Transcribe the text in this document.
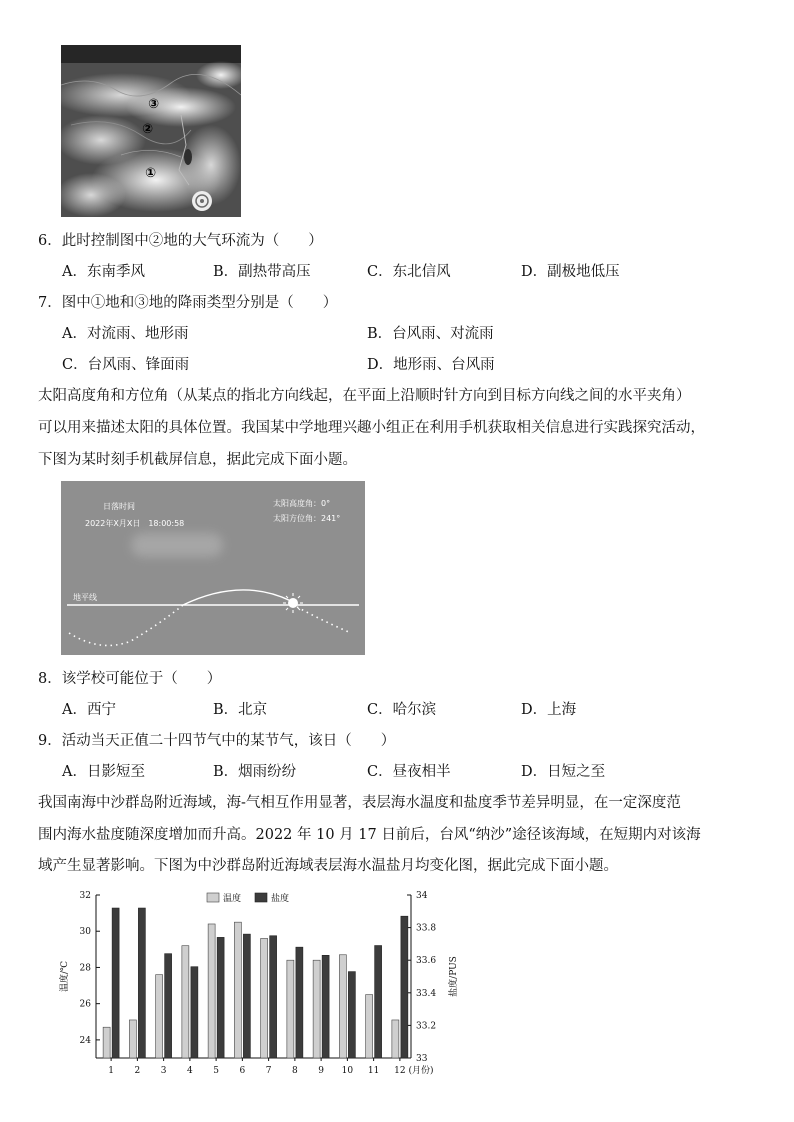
③
②
①
6．此时控制图中②地的大气环流为（　　）
A．东南季风	B．副热带高压	C．东北信风	D．副极地低压
7．图中①地和③地的降雨类型分别是（　　）
A．对流雨、地形雨	B．台风雨、对流雨
C．台风雨、锋面雨	D．地形雨、台风雨
太阳高度角和方位角（从某点的指北方向线起，在平面上沿顺时针方向到目标方向线之间的水平夹角）
可以用来描述太阳的具体位置。我国某中学地理兴趣小组正在利用手机获取相关信息进行实践探究活动，
下图为某时刻手机截屏信息，据此完成下面小题。
日落时间
2022年X月X日　18:00:58
太阳高度角：0°
太阳方位角：241°
地平线
8．该学校可能位于（　　）
A．西宁	B．北京	C．哈尔滨	D．上海
9．活动当天正值二十四节气中的某节气，该日（　　）
A．日影短至	B．烟雨纷纷	C．昼夜相半	D．日短之至
我国南海中沙群岛附近海域，海-气相互作用显著，表层海水温度和盐度季节差异明显，在一定深度范
围内海水盐度随深度增加而升高。2022 年 10 月 17 日前后，台风“纳沙”途径该海域，在短期内对该海
域产生显著影响。下图为中沙群岛附近海域表层海水温盐月均变化图，据此完成下面小题。
24
26
28
30
32
33
33.2
33.4
33.6
33.8
34
1 2 3 4 5 6 7 8 9 10 11 12 (月份)
温度	盐度
温度/℃	盐度/PUS
